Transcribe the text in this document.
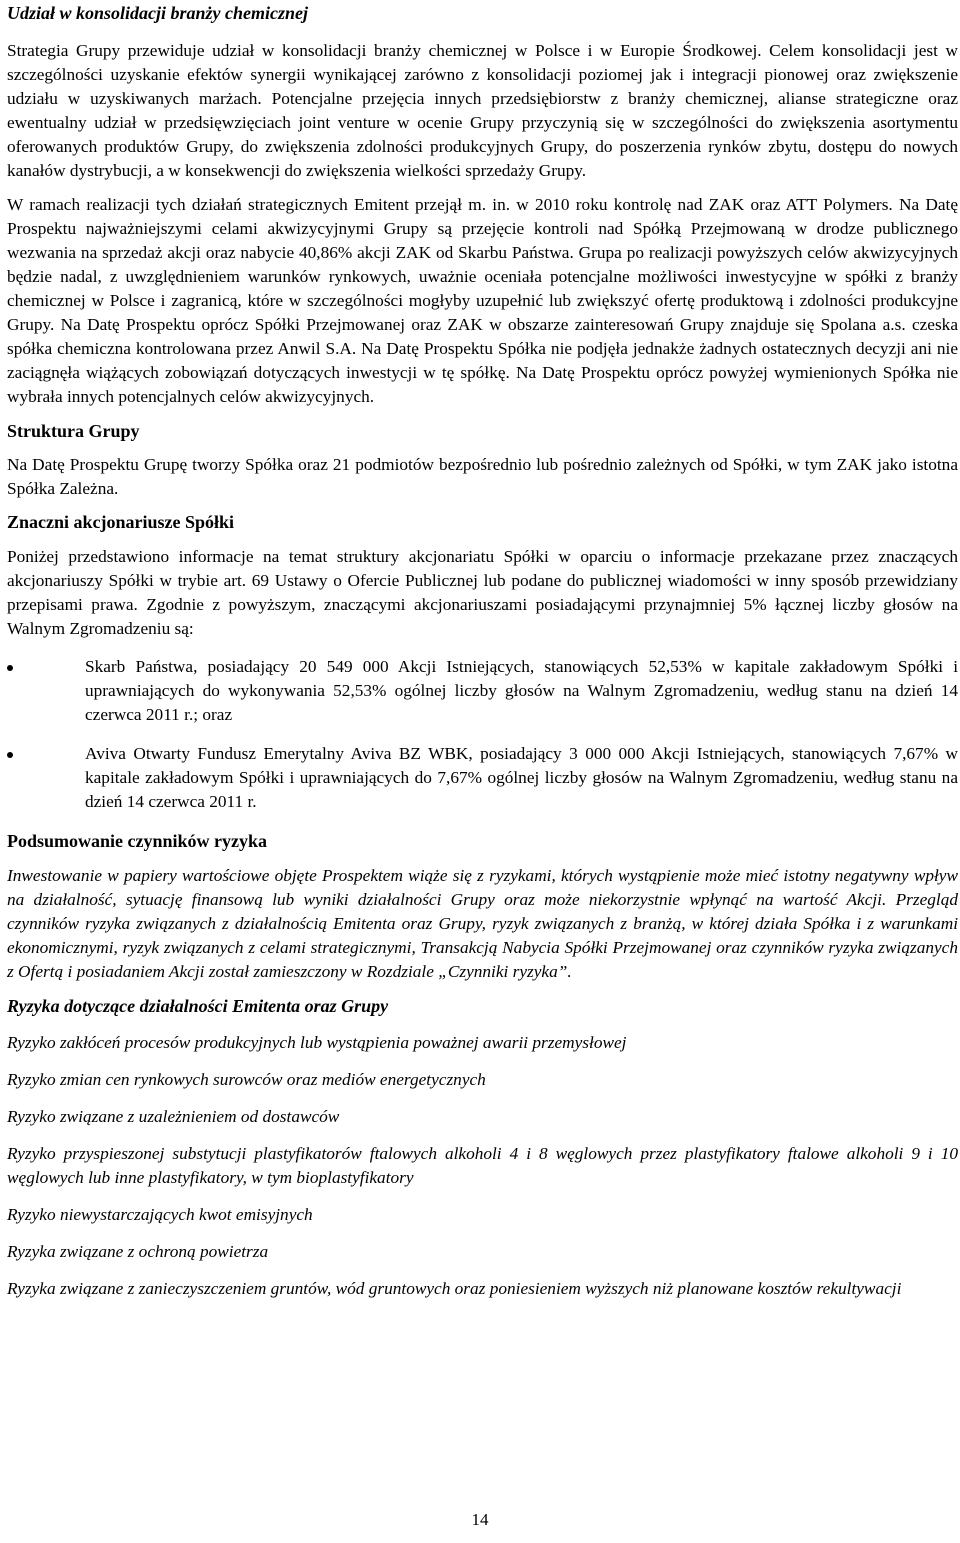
Udział w konsolidacji branży chemicznej

Strategia Grupy przewiduje udział w konsolidacji branży chemicznej w Polsce i w Europie Środkowej. Celem konsolidacji jest w szczególności uzyskanie efektów synergii wynikającej zarówno z konsolidacji poziomej jak i integracji pionowej oraz zwiększenie udziału w uzyskiwanych marżach. Potencjalne przejęcia innych przedsiębiorstw z branży chemicznej, alianse strategiczne oraz ewentualny udział w przedsięwzięciach joint venture w ocenie Grupy przyczynią się w szczególności do zwiększenia asortymentu oferowanych produktów Grupy, do zwiększenia zdolności produkcyjnych Grupy, do poszerzenia rynków zbytu, dostępu do nowych kanałów dystrybucji, a w konsekwencji do zwiększenia wielkości sprzedaży Grupy.

W ramach realizacji tych działań strategicznych Emitent przejął m. in. w 2010 roku kontrolę nad ZAK oraz ATT Polymers. Na Datę Prospektu najważniejszymi celami akwizycyjnymi Grupy są przejęcie kontroli nad Spółką Przejmowaną w drodze publicznego wezwania na sprzedaż akcji oraz nabycie 40,86% akcji ZAK od Skarbu Państwa. Grupa po realizacji powyższych celów akwizycyjnych będzie nadal, z uwzględnieniem warunków rynkowych, uważnie oceniała potencjalne możliwości inwestycyjne w spółki z branży chemicznej w Polsce i zagranicą, które w szczególności mogłyby uzupełnić lub zwiększyć ofertę produktową i zdolności produkcyjne Grupy. Na Datę Prospektu oprócz Spółki Przejmowanej oraz ZAK w obszarze zainteresowań Grupy znajduje się Spolana a.s. czeska spółka chemiczna kontrolowana przez Anwil S.A. Na Datę Prospektu Spółka nie podjęła jednakże żadnych ostatecznych decyzji ani nie zaciągnęła wiążących zobowiązań dotyczących inwestycji w tę spółkę. Na Datę Prospektu oprócz powyżej wymienionych Spółka nie wybrała innych potencjalnych celów akwizycyjnych.

Struktura Grupy

Na Datę Prospektu Grupę tworzy Spółka oraz 21 podmiotów bezpośrednio lub pośrednio zależnych od Spółki, w tym ZAK jako istotna Spółka Zależna.

Znaczni akcjonariusze Spółki

Poniżej przedstawiono informacje na temat struktury akcjonariatu Spółki w oparciu o informacje przekazane przez znaczących akcjonariuszy Spółki w trybie art. 69 Ustawy o Ofercie Publicznej lub podane do publicznej wiadomości w inny sposób przewidziany przepisami prawa. Zgodnie z powyższym, znaczącymi akcjonariuszami posiadającymi przynajmniej 5% łącznej liczby głosów na Walnym Zgromadzeniu są:

Skarb Państwa, posiadający 20 549 000 Akcji Istniejących, stanowiących 52,53% w kapitale zakładowym Spółki i uprawniających do wykonywania 52,53% ogólnej liczby głosów na Walnym Zgromadzeniu, według stanu na dzień 14 czerwca 2011 r.; oraz
Aviva Otwarty Fundusz Emerytalny Aviva BZ WBK, posiadający 3 000 000 Akcji Istniejących, stanowiących 7,67% w kapitale zakładowym Spółki i uprawniających do 7,67% ogólnej liczby głosów na Walnym Zgromadzeniu, według stanu na dzień 14 czerwca 2011 r.

Podsumowanie czynników ryzyka

Inwestowanie w papiery wartościowe objęte Prospektem wiąże się z ryzykami, których wystąpienie może mieć istotny negatywny wpływ na działalność, sytuację finansową lub wyniki działalności Grupy oraz może niekorzystnie wpłynąć na wartość Akcji. Przegląd czynników ryzyka związanych z działalnością Emitenta oraz Grupy, ryzyk związanych z branżą, w której działa Spółka i z warunkami ekonomicznymi, ryzyk związanych z celami strategicznymi, Transakcją Nabycia Spółki Przejmowanej oraz czynników ryzyka związanych z Ofertą i posiadaniem Akcji został zamieszczony w Rozdziale „Czynniki ryzyka”.

Ryzyka dotyczące działalności Emitenta oraz Grupy

Ryzyko zakłóceń procesów produkcyjnych lub wystąpienia poważnej awarii przemysłowej

Ryzyko zmian cen rynkowych surowców oraz mediów energetycznych

Ryzyko związane z uzależnieniem od dostawców

Ryzyko przyspieszonej substytucji plastyfikatorów ftalowych alkoholi 4 i 8 węglowych przez plastyfikatory ftalowe alkoholi 9 i 10 węglowych lub inne plastyfikatory, w tym bioplastyfikatory

Ryzyko niewystarczających kwot emisyjnych

Ryzyka związane z ochroną powietrza

Ryzyka związane z zanieczyszczeniem gruntów, wód gruntowych oraz poniesieniem wyższych niż planowane kosztów rekultywacji

14
